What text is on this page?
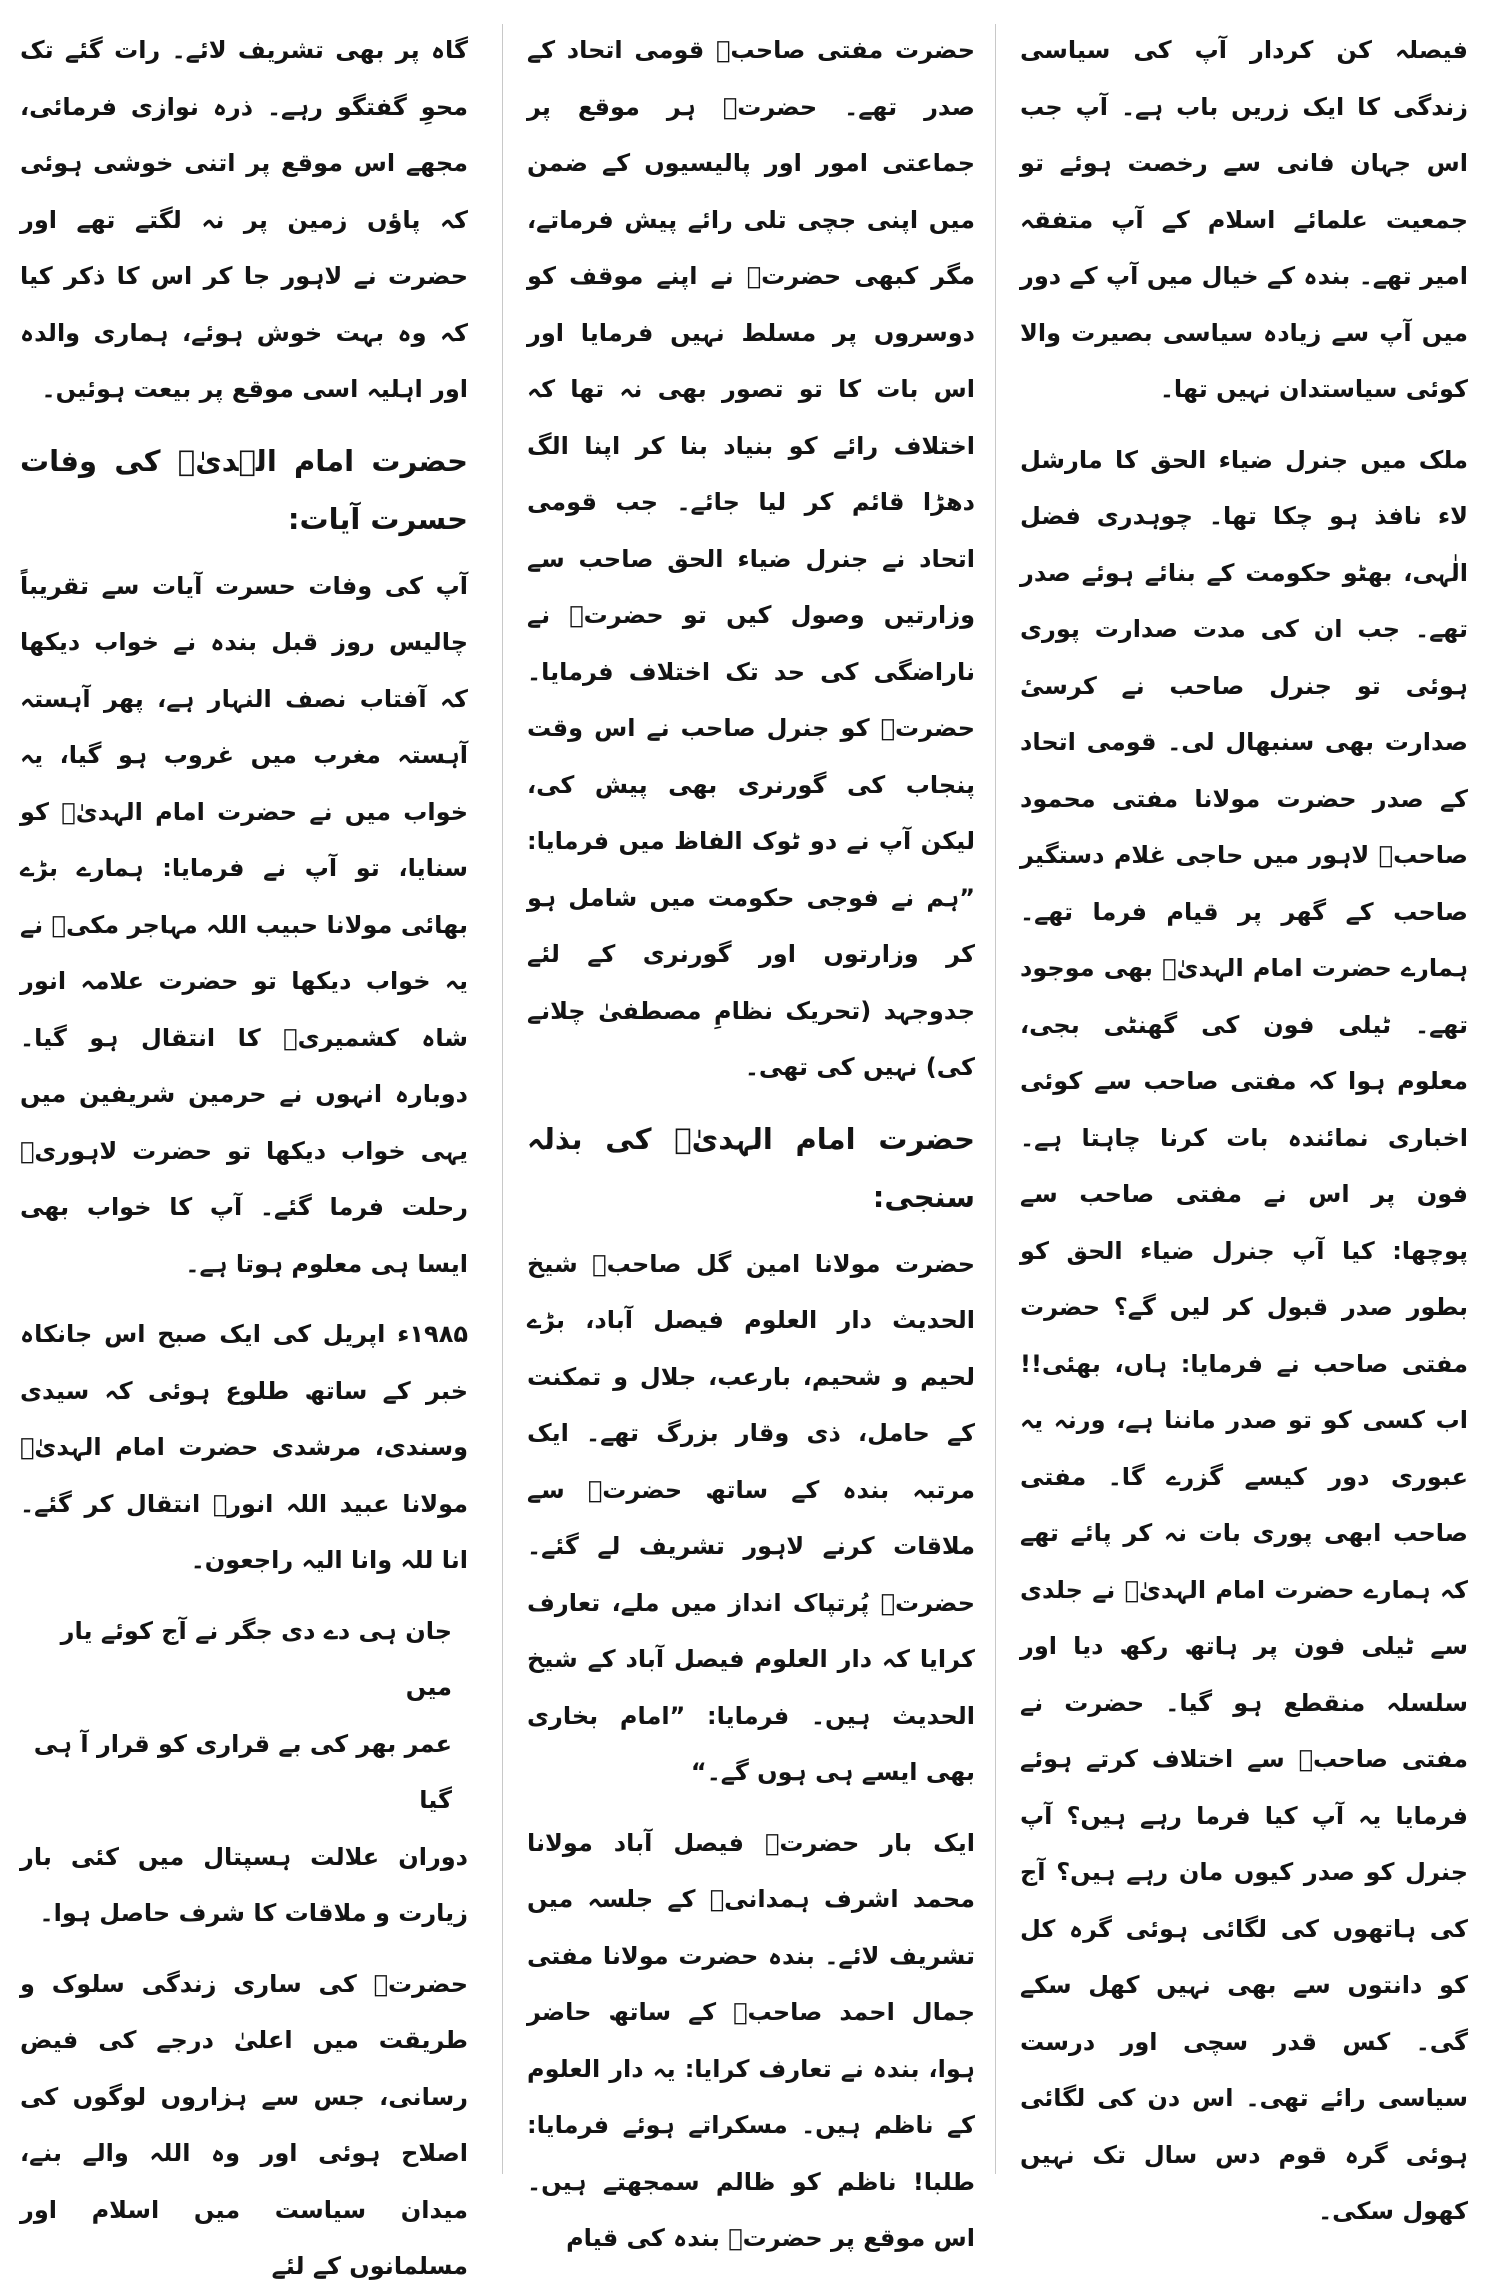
فیصلہ کن کردار آپ کی سیاسی زندگی کا ایک زریں باب ہے۔ آپ جب اس جہان فانی سے رخصت ہوئے تو جمعیت علمائے اسلام کے آپ متفقہ امیر تھے۔ بندہ کے خیال میں آپ کے دور میں آپ سے زیادہ سیاسی بصیرت والا کوئی سیاستدان نہیں تھا۔

ملک میں جنرل ضیاء الحق کا مارشل لاء نافذ ہو چکا تھا۔ چوہدری فضل الٰہی، بھٹو حکومت کے بنائے ہوئے صدر تھے۔ جب ان کی مدت صدارت پوری ہوئی تو جنرل صاحب نے کرسیٔ صدارت بھی سنبھال لی۔ قومی اتحاد کے صدر حضرت مولانا مفتی محمود صاحبؒ لاہور میں حاجی غلام دستگیر صاحب کے گھر پر قیام فرما تھے۔ ہمارے حضرت امام الہدیٰؒ بھی موجود تھے۔ ٹیلی فون کی گھنٹی بجی، معلوم ہوا کہ مفتی صاحب سے کوئی اخباری نمائندہ بات کرنا چاہتا ہے۔ فون پر اس نے مفتی صاحب سے پوچھا: کیا آپ جنرل ضیاء الحق کو بطور صدر قبول کر لیں گے؟ حضرت مفتی صاحب نے فرمایا: ہاں، بھئی!! اب کسی کو تو صدر ماننا ہے، ورنہ یہ عبوری دور کیسے گزرے گا۔ مفتی صاحب ابھی پوری بات نہ کر پائے تھے کہ ہمارے حضرت امام الہدیٰؒ نے جلدی سے ٹیلی فون پر ہاتھ رکھ دیا اور سلسلہ منقطع ہو گیا۔ حضرت نے مفتی صاحبؒ سے اختلاف کرتے ہوئے فرمایا یہ آپ کیا فرما رہے ہیں؟ آپ جنرل کو صدر کیوں مان رہے ہیں؟ آج کی ہاتھوں کی لگائی ہوئی گرہ کل کو دانتوں سے بھی نہیں کھل سکے گی۔ کس قدر سچی اور درست سیاسی رائے تھی۔ اس دن کی لگائی ہوئی گرہ قوم دس سال تک نہیں کھول سکی۔

حضرت مفتی صاحبؒ قومی اتحاد کے صدر تھے۔ حضرتؒ ہر موقع پر جماعتی امور اور پالیسیوں کے ضمن میں اپنی جچی تلی رائے پیش فرماتے، مگر کبھی حضرتؒ نے اپنے موقف کو دوسروں پر مسلط نہیں فرمایا اور اس بات کا تو تصور بھی نہ تھا کہ اختلاف رائے کو بنیاد بنا کر اپنا الگ دھڑا قائم کر لیا جائے۔ جب قومی اتحاد نے جنرل ضیاء الحق صاحب سے وزارتیں وصول کیں تو حضرتؒ نے ناراضگی کی حد تک اختلاف فرمایا۔ حضرتؒ کو جنرل صاحب نے اس وقت پنجاب کی گورنری بھی پیش کی، لیکن آپ نے دو ٹوک الفاظ میں فرمایا: ”ہم نے فوجی حکومت میں شامل ہو کر وزارتوں اور گورنری کے لئے جدوجہد (تحریک نظامِ مصطفیٰ چلانے کی) نہیں کی تھی۔

حضرت امام الہدیٰؒ کی بذلہ سنجی:

حضرت مولانا امین گل صاحبؒ شیخ الحدیث دار العلوم فیصل آباد، بڑے لحیم و شحیم، بارعب، جلال و تمکنت کے حامل، ذی وقار بزرگ تھے۔ ایک مرتبہ بندہ کے ساتھ حضرتؒ سے ملاقات کرنے لاہور تشریف لے گئے۔ حضرتؒ پُرتپاک انداز میں ملے، تعارف کرایا کہ دار العلوم فیصل آباد کے شیخ الحدیث ہیں۔ فرمایا: ”امام بخاری بھی ایسے ہی ہوں گے۔“

ایک بار حضرتؒ فیصل آباد مولانا محمد اشرف ہمدانیؒ کے جلسہ میں تشریف لائے۔ بندہ حضرت مولانا مفتی جمال احمد صاحبؒ کے ساتھ حاضر ہوا، بندہ نے تعارف کرایا: یہ دار العلوم کے ناظم ہیں۔ مسکراتے ہوئے فرمایا: طلبا! ناظم کو ظالم سمجھتے ہیں۔ اس موقع پر حضرتؒ بندہ کی قیام

گاہ پر بھی تشریف لائے۔ رات گئے تک محوِ گفتگو رہے۔ ذرہ نوازی فرمائی، مجھے اس موقع پر اتنی خوشی ہوئی کہ پاؤں زمین پر نہ لگتے تھے اور حضرت نے لاہور جا کر اس کا ذکر کیا کہ وہ بہت خوش ہوئے، ہماری والدہ اور اہلیہ اسی موقع پر بیعت ہوئیں۔

حضرت امام الہدیٰؒ کی وفات حسرت آیات:

آپ کی وفات حسرت آیات سے تقریباً چالیس روز قبل بندہ نے خواب دیکھا کہ آفتاب نصف النہار ہے، پھر آہستہ آہستہ مغرب میں غروب ہو گیا، یہ خواب میں نے حضرت امام الہدیٰؒ کو سنایا، تو آپ نے فرمایا: ہمارے بڑے بھائی مولانا حبیب اللہ مہاجر مکیؒ نے یہ خواب دیکھا تو حضرت علامہ انور شاہ کشمیریؒ کا انتقال ہو گیا۔ دوبارہ انہوں نے حرمین شریفین میں یہی خواب دیکھا تو حضرت لاہوریؒ رحلت فرما گئے۔ آپ کا خواب بھی ایسا ہی معلوم ہوتا ہے۔

۱۹۸۵ء اپریل کی ایک صبح اس جانکاہ خبر کے ساتھ طلوع ہوئی کہ سیدی وسندی، مرشدی حضرت امام الہدیٰؒ مولانا عبید اللہ انورؒ انتقال کر گئے۔ انا للہ وانا الیہ راجعون۔

جان ہی دے دی جگر نے آج کوئے یار میں

عمر بھر کی بے قراری کو قرار آ ہی گیا

دوران علالت ہسپتال میں کئی بار زیارت و ملاقات کا شرف حاصل ہوا۔

حضرتؒ کی ساری زندگی سلوک و طریقت میں اعلیٰ درجے کی فیض رسانی، جس سے ہزاروں لوگوں کی اصلاح ہوئی اور وہ اللہ والے بنے، میدان سیاست میں اسلام اور مسلمانوں کے لئے
